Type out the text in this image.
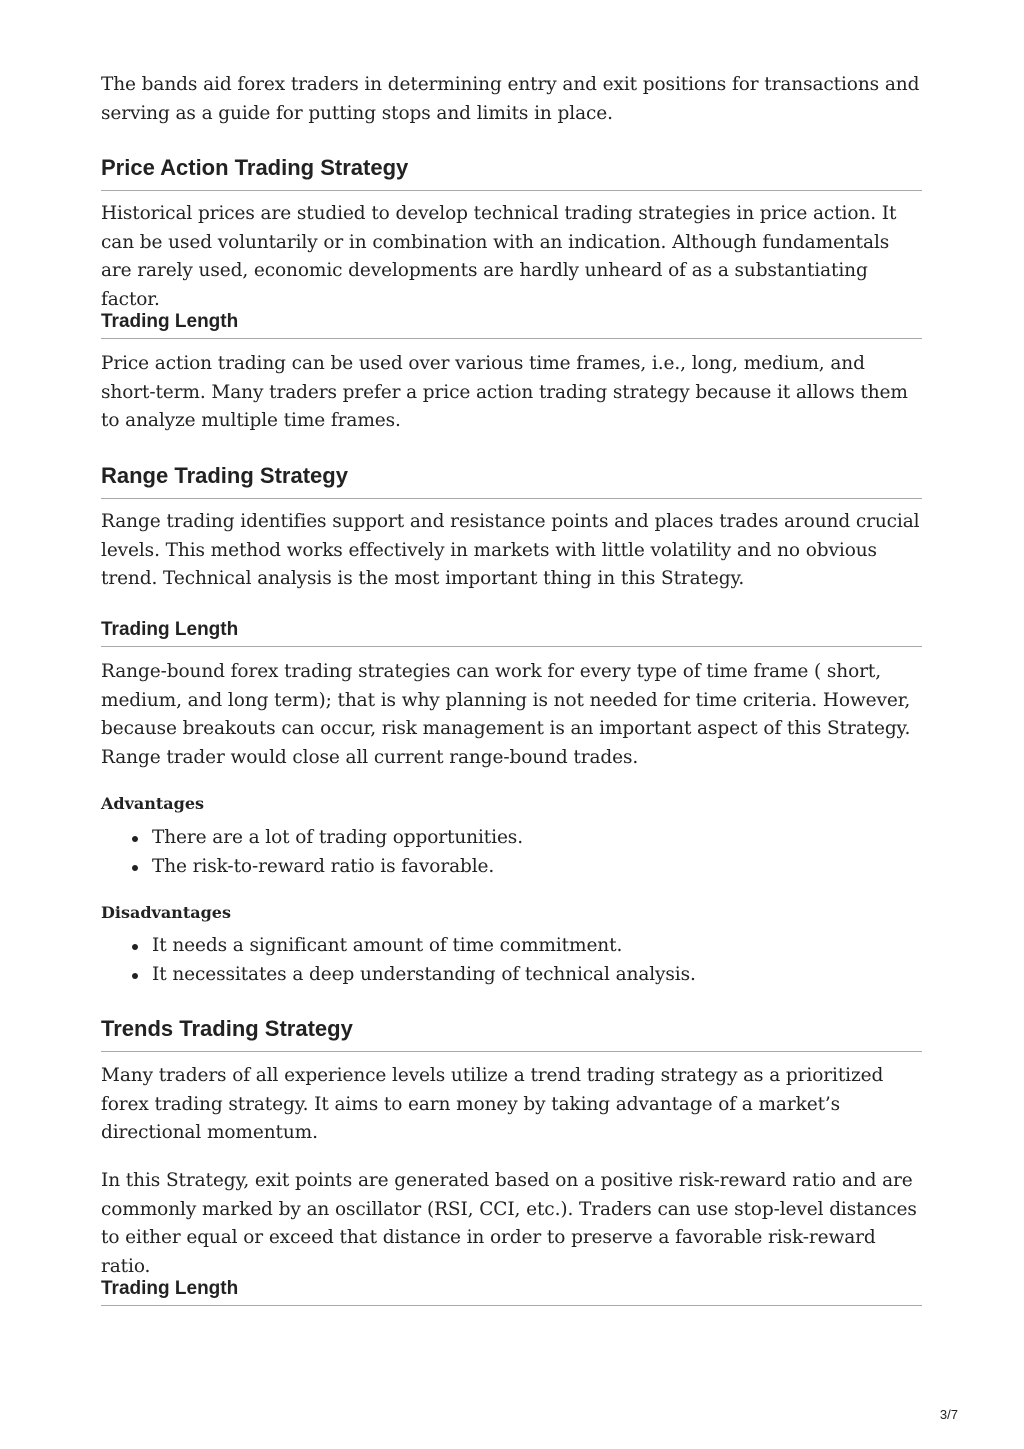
The bands aid forex traders in determining entry and exit positions for transactions and serving as a guide for putting stops and limits in place.

Price Action Trading Strategy

Historical prices are studied to develop technical trading strategies in price action. It can be used voluntarily or in combination with an indication. Although fundamentals are rarely used, economic developments are hardly unheard of as a substantiating factor.

Trading Length

Price action trading can be used over various time frames, i.e., long, medium, and short-term. Many traders prefer a price action trading strategy because it allows them to analyze multiple time frames.

Range Trading Strategy

Range trading identifies support and resistance points and places trades around crucial levels. This method works effectively in markets with little volatility and no obvious trend. Technical analysis is the most important thing in this Strategy.

Trading Length

Range-bound forex trading strategies can work for every type of time frame ( short, medium, and long term); that is why planning is not needed for time criteria. However, because breakouts can occur, risk management is an important aspect of this Strategy. Range trader would close all current range-bound trades.

Advantages
There are a lot of trading opportunities.
The risk-to-reward ratio is favorable.
Disadvantages
It needs a significant amount of time commitment.
It necessitates a deep understanding of technical analysis.
Trends Trading Strategy

Many traders of all experience levels utilize a trend trading strategy as a prioritized forex trading strategy. It aims to earn money by taking advantage of a market’s directional momentum.

In this Strategy, exit points are generated based on a positive risk-reward ratio and are commonly marked by an oscillator (RSI, CCI, etc.). Traders can use stop-level distances to either equal or exceed that distance in order to preserve a favorable risk-reward ratio.

Trading Length
3/7
